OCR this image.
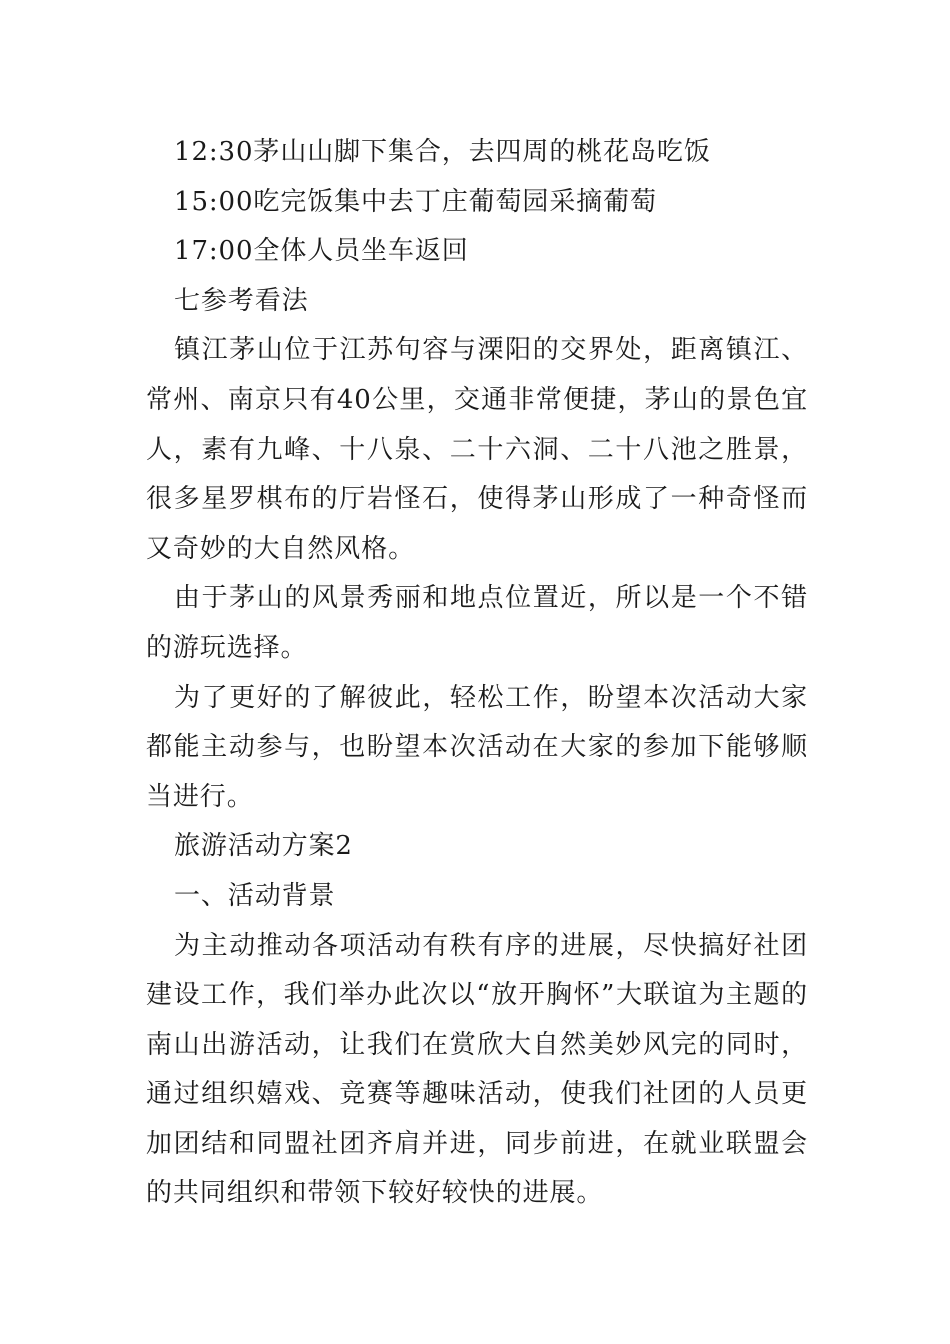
12:30茅山山脚下集合，去四周的桃花岛吃饭

15:00吃完饭集中去丁庄葡萄园采摘葡萄

17:00全体人员坐车返回

七参考看法

镇江茅山位于江苏句容与溧阳的交界处，距离镇江、常州、南京只有40公里，交通非常便捷，茅山的景色宜人，素有九峰、十八泉、二十六洞、二十八池之胜景，很多星罗棋布的厅岩怪石，使得茅山形成了一种奇怪而又奇妙的大自然风格。

由于茅山的风景秀丽和地点位置近，所以是一个不错的游玩选择。

为了更好的了解彼此，轻松工作，盼望本次活动大家都能主动参与，也盼望本次活动在大家的参加下能够顺当进行。

旅游活动方案2

一、活动背景

为主动推动各项活动有秩有序的进展，尽快搞好社团建设工作，我们举办此次以“放开胸怀”大联谊为主题的南山出游活动，让我们在赏欣大自然美妙风完的同时，通过组织嬉戏、竞赛等趣味活动，使我们社团的人员更加团结和同盟社团齐肩并进，同步前进，在就业联盟会的共同组织和带领下较好较快的进展。
